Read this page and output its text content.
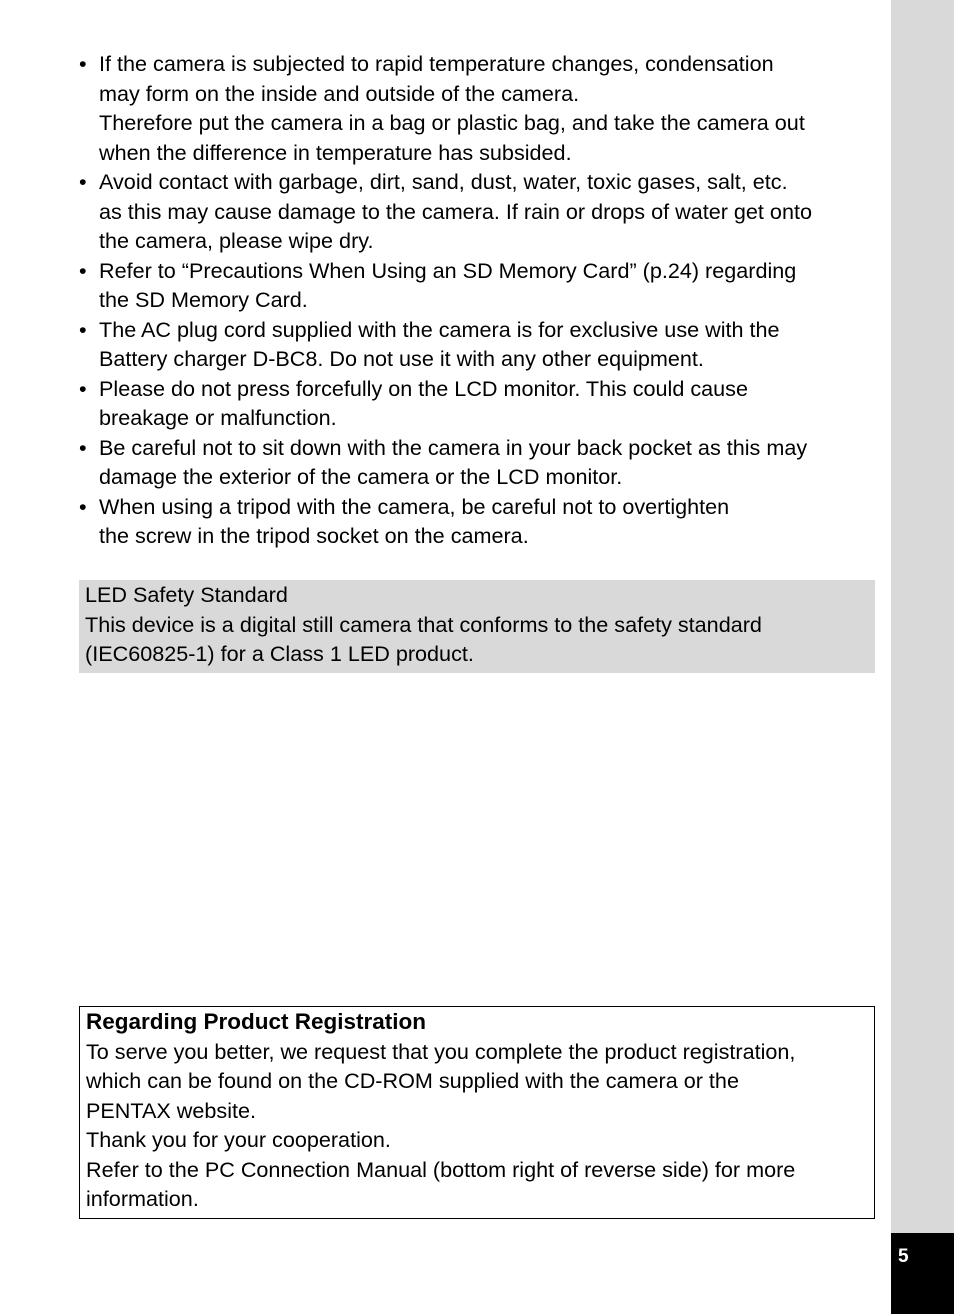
5
• If the camera is subjected to rapid temperature changes, condensation
may form on the inside and outside of the camera.
Therefore put the camera in a bag or plastic bag, and take the camera out
when the difference in temperature has subsided.
• Avoid contact with garbage, dirt, sand, dust, water, toxic gases, salt, etc.
as this may cause damage to the camera. If rain or drops of water get onto
the camera, please wipe dry.
• Refer to “Precautions When Using an SD Memory Card” (p.24) regarding
the SD Memory Card.
• The AC plug cord supplied with the camera is for exclusive use with the
Battery charger D-BC8. Do not use it with any other equipment.
• Please do not press forcefully on the LCD monitor. This could cause
breakage or malfunction.
• Be careful not to sit down with the camera in your back pocket as this may
damage the exterior of the camera or the LCD monitor.
• When using a tripod with the camera, be careful not to overtighten
the screw in the tripod socket on the camera.
LED Safety Standard
This device is a digital still camera that conforms to the safety standard
(IEC60825-1) for a Class 1 LED product.
Regarding Product Registration
To serve you better, we request that you complete the product registration,
which can be found on the CD-ROM supplied with the camera or the
PENTAX website.
Thank you for your cooperation.
Refer to the PC Connection Manual (bottom right of reverse side) for more
information.
